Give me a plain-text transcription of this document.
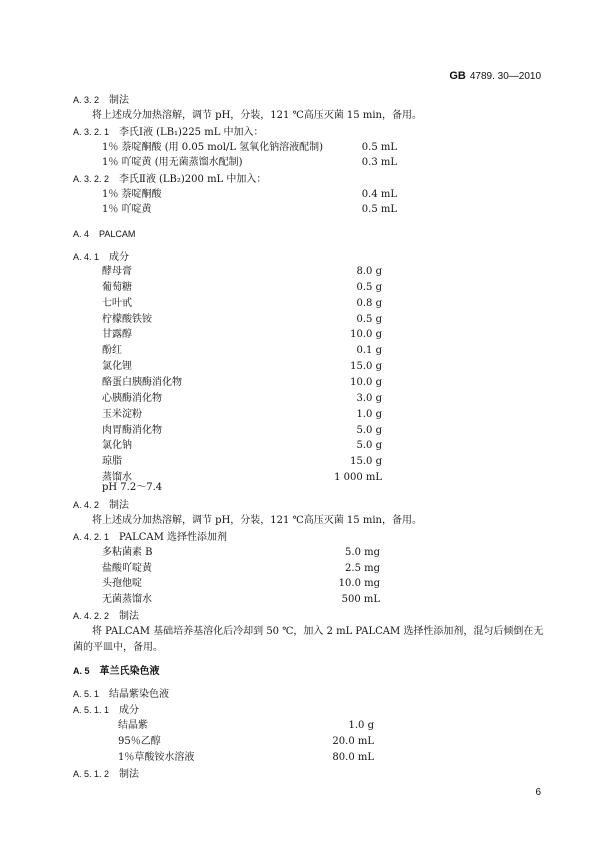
GB 4789. 30—2010
A. 3. 2 制法
将上述成分加热溶解，调节 pH，分装，121 ℃高压灭菌 15 min，备用。
A. 3. 2. 1 李氏Ⅰ液 (LB₁)225 mL 中加入：
1％ 萘啶酮酸 (用 0.05 mol/L 氢氧化钠溶液配制)	0.5 mL
1％ 吖啶黄 (用无菌蒸馏水配制)	0.3 mL
A. 3. 2. 2 李氏Ⅱ液 (LB₂)200 mL 中加入：
1％ 萘啶酮酸	0.4 mL
1％ 吖啶黄	0.5 mL
A. 4 PALCAM
A. 4. 1 成分
酵母膏	8.0 g
葡萄糖	0.5 g
七叶甙	0.8 g
柠檬酸铁铵	0.5 g
甘露醇	10.0 g
酚红	0.1 g
氯化锂	15.0 g
酪蛋白胰酶消化物	10.0 g
心胰酶消化物	3.0 g
玉米淀粉	1.0 g
肉胃酶消化物	5.0 g
氯化钠	5.0 g
琼脂	15.0 g
蒸馏水	1 000 mL
pH 7.2～7.4
A. 4. 2 制法
将上述成分加热溶解，调节 pH，分装，121 ℃高压灭菌 15 min，备用。
A. 4. 2. 1 PALCAM 选择性添加剂
多粘菌素 B	5.0 mg
盐酸吖啶黄	2.5 mg
头孢他啶	10.0 mg
无菌蒸馏水	500 mL
A. 4. 2. 2 制法
将 PALCAM 基础培养基溶化后冷却到 50 ℃，加入 2 mL PALCAM 选择性添加剂，混匀后倾倒在无
菌的平皿中，备用。
A. 5 革兰氏染色液
A. 5. 1 结晶紫染色液
A. 5. 1. 1 成分
结晶紫	1.0 g
95％乙醇	20.0 mL
1％草酸铵水溶液	80.0 mL
A. 5. 1. 2 制法
6
